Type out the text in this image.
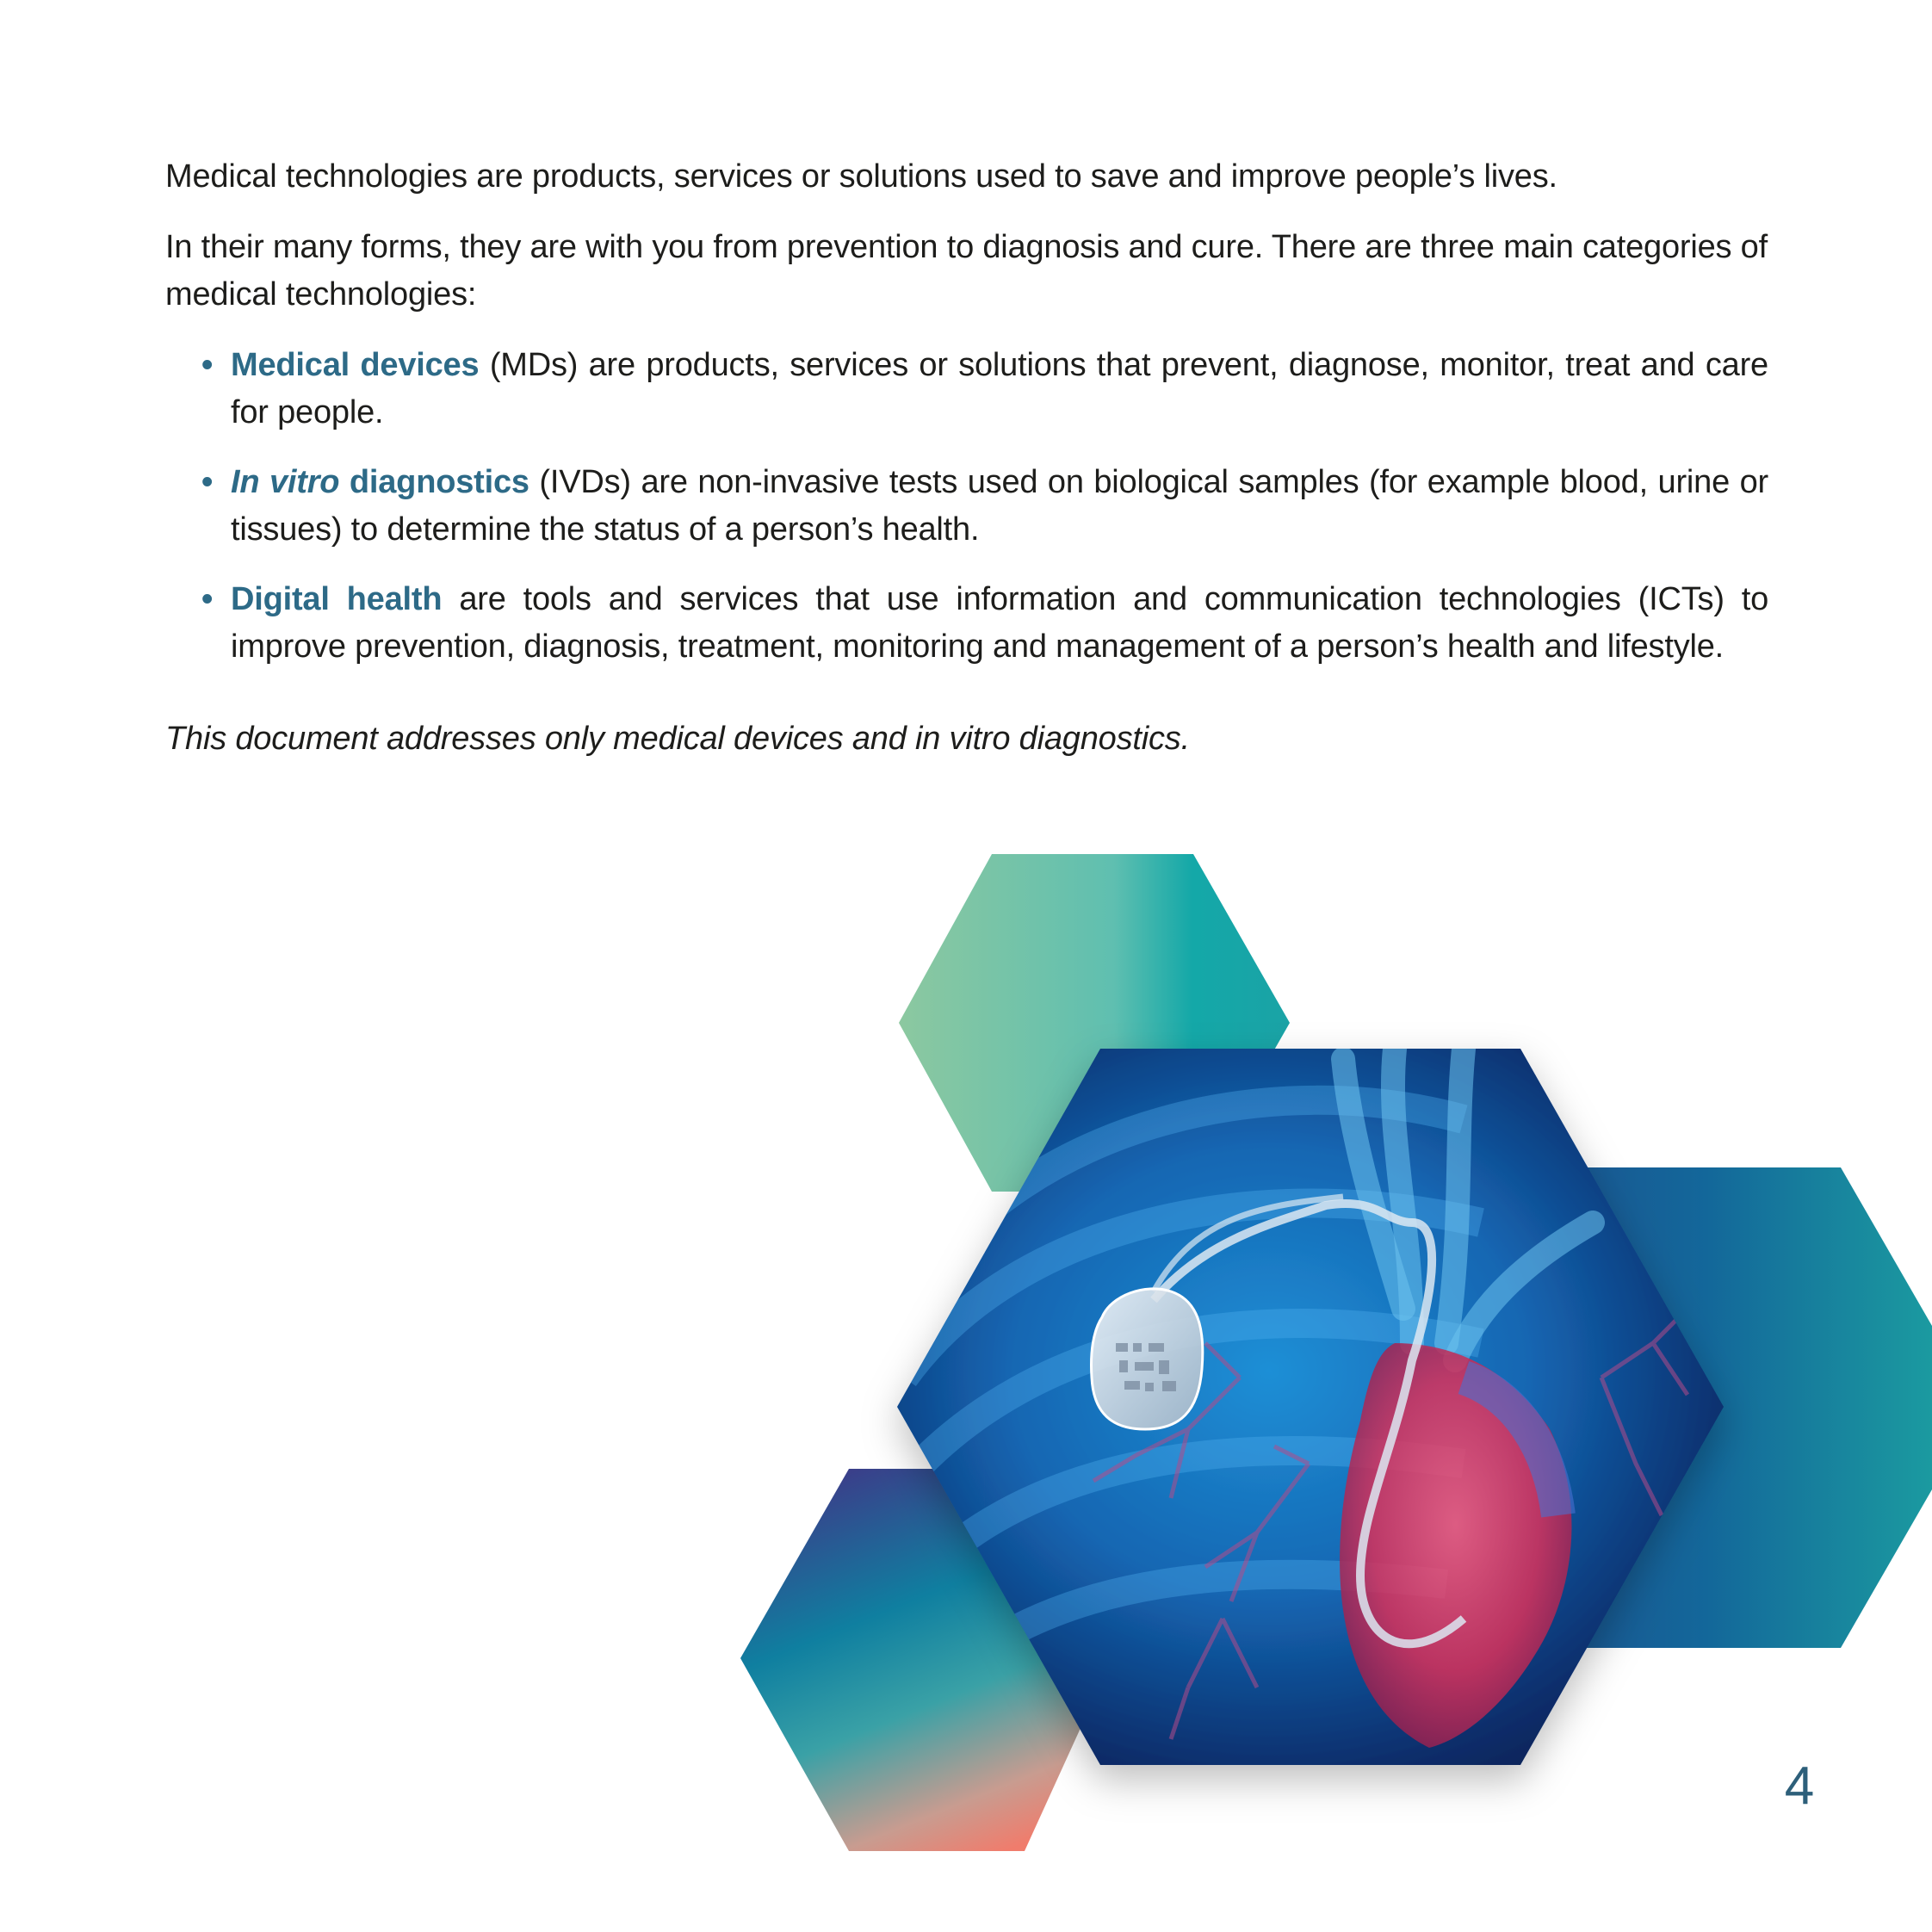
Medical technologies are products, services or solutions used to save and improve people’s lives.

In their many forms, they are with you from prevention to diagnosis and cure. There are three main categories of medical technologies:

• Medical devices (MDs) are products, services or solutions that prevent, diagnose, monitor, treat and care for people.
• In vitro diagnostics (IVDs) are non-invasive tests used on biological samples (for example blood, urine or tissues) to determine the status of a person’s health.
• Digital health are tools and services that use information and communication technologies (ICTs) to improve prevention, diagnosis, treatment, monitoring and management of a person’s health and lifestyle.

This document addresses only medical devices and in vitro diagnostics.

4
